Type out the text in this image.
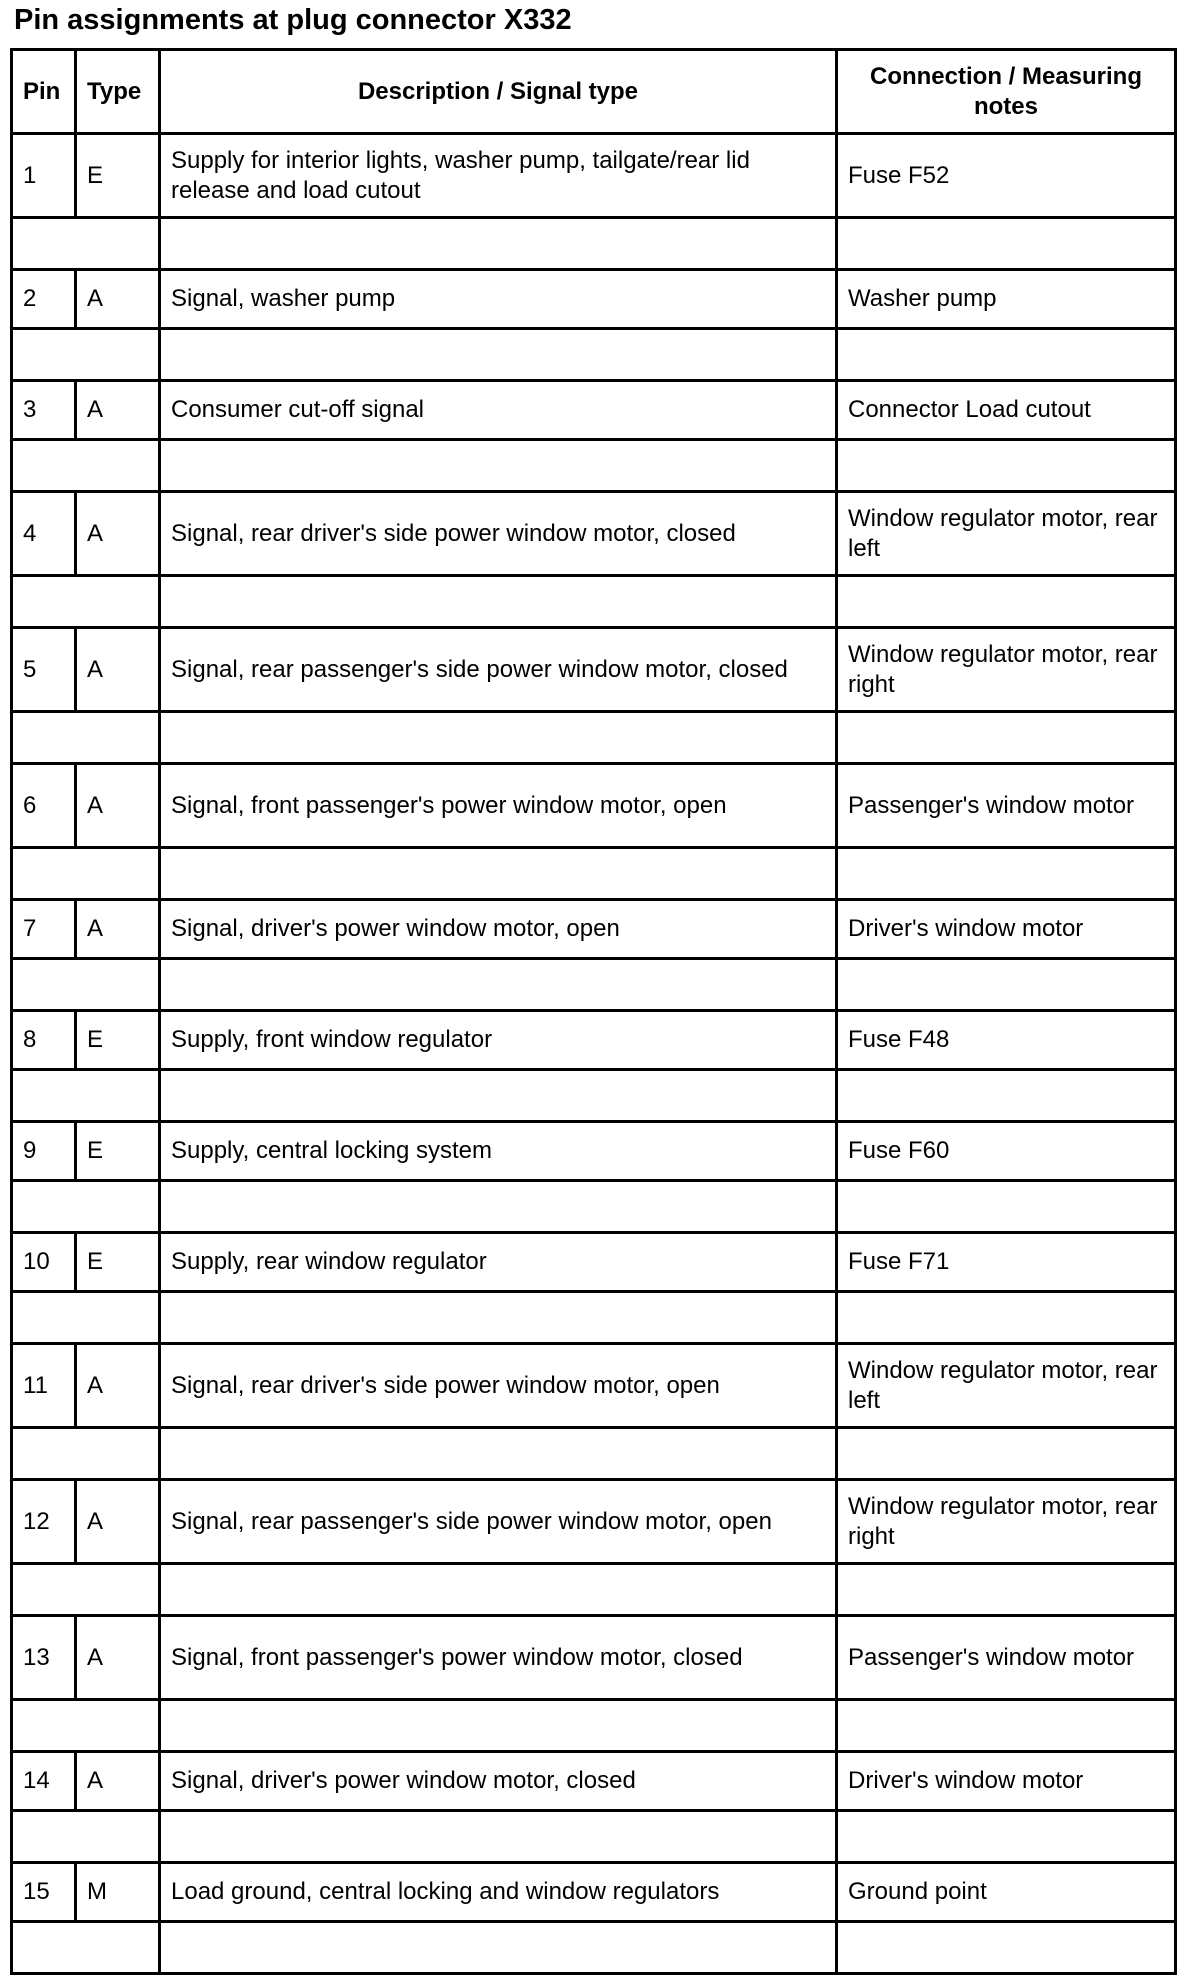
Pin assignments at plug connector X332
Pin	Type	Description / Signal type	Connection / Measuring notes
1	E	Supply for interior lights, washer pump, tailgate/rear lid release and load cutout	Fuse F52

2	A	Signal, washer pump	Washer pump

3	A	Consumer cut-off signal	Connector Load cutout

4	A	Signal, rear driver's side power window motor, closed	Window regulator motor, rear left

5	A	Signal, rear passenger's side power window motor, closed	Window regulator motor, rear right

6	A	Signal, front passenger's power window motor, open	Passenger's window motor

7	A	Signal, driver's power window motor, open	Driver's window motor

8	E	Supply, front window regulator	Fuse F48

9	E	Supply, central locking system	Fuse F60

10	E	Supply, rear window regulator	Fuse F71

11	A	Signal, rear driver's side power window motor, open	Window regulator motor, rear left

12	A	Signal, rear passenger's side power window motor, open	Window regulator motor, rear right

13	A	Signal, front passenger's power window motor, closed	Passenger's window motor

14	A	Signal, driver's power window motor, closed	Driver's window motor

15	M	Load ground, central locking and window regulators	Ground point
